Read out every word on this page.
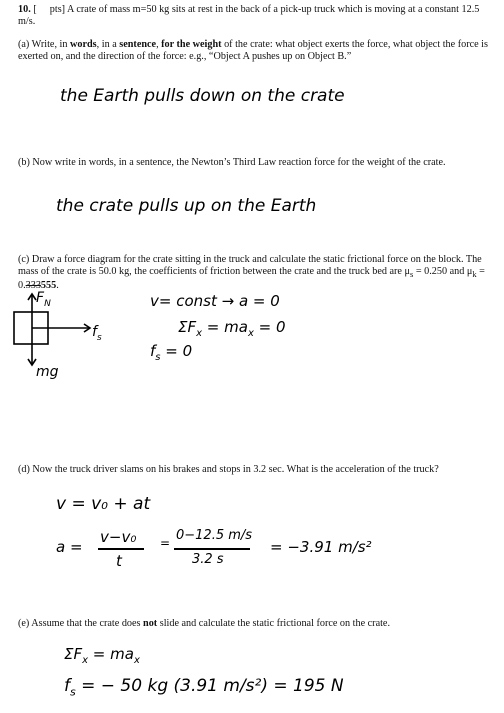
10. [ pts] A crate of mass m=50 kg sits at rest in the back of a pick-up truck which is moving at a constant 12.5 m/s.

(a) Write, in words, in a sentence, for the weight of the crate: what object exerts the force, what object the force is exerted on, and the direction of the force: e.g., “Object A pushes up on Object B.”

the Earth pulls down on the crate

(b) Now write in words, in a sentence, the Newton’s Third Law reaction force for the weight of the crate.

the crate pulls up on the Earth

(c) Draw a force diagram for the crate sitting in the truck and calculate the static frictional force on the block. The mass of the crate is 50.0 kg, the coefficients of friction between the crate and the truck bed are $\mu_s = 0.250$ and $\mu_k = 0.333555$.

$F_N$
$f_s$
mg
v= const → a = 0
$\Sigma F_x = ma_x = 0$
$f_s = 0$

(d) Now the truck driver slams on his brakes and stops in 3.2 sec. What is the acceleration of the truck?

v = v₀ + at
a =
v−v₀
t
= 0−12.5 m/s
3.2 s
= −3.91 m/s²

(e) Assume that the crate does not slide and calculate the static frictional force on the crate.

$\Sigma F_x = ma_x$
$f_s$ = − 50 kg (3.91 m/s²) = 195 N
